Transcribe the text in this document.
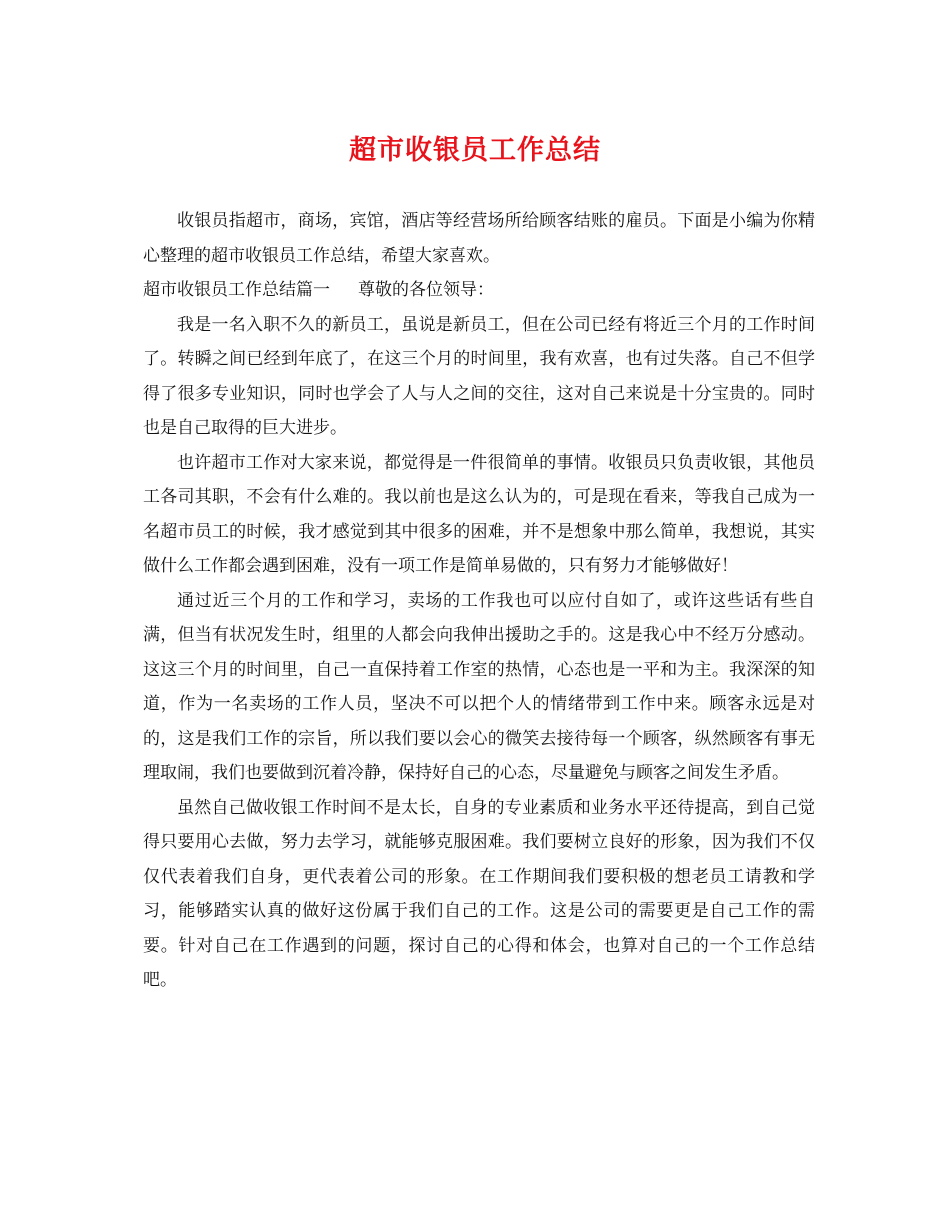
超市收银员工作总结

收银员指超市，商场，宾馆，酒店等经营场所给顾客结账的雇员。下面是小编为你精心整理的超市收银员工作总结，希望大家喜欢。

超市收银员工作总结篇一 尊敬的各位领导：

我是一名入职不久的新员工，虽说是新员工，但在公司已经有将近三个月的工作时间了。转瞬之间已经到年底了，在这三个月的时间里，我有欢喜，也有过失落。自己不但学得了很多专业知识，同时也学会了人与人之间的交往，这对自己来说是十分宝贵的。同时也是自己取得的巨大进步。

也许超市工作对大家来说，都觉得是一件很简单的事情。收银员只负责收银，其他员工各司其职，不会有什么难的。我以前也是这么认为的，可是现在看来，等我自己成为一名超市员工的时候，我才感觉到其中很多的困难，并不是想象中那么简单，我想说，其实做什么工作都会遇到困难，没有一项工作是简单易做的，只有努力才能够做好！

通过近三个月的工作和学习，卖场的工作我也可以应付自如了，或许这些话有些自满，但当有状况发生时，组里的人都会向我伸出援助之手的。这是我心中不经万分感动。这这三个月的时间里，自己一直保持着工作室的热情，心态也是一平和为主。我深深的知道，作为一名卖场的工作人员，坚决不可以把个人的情绪带到工作中来。顾客永远是对的，这是我们工作的宗旨，所以我们要以会心的微笑去接待每一个顾客，纵然顾客有事无理取闹，我们也要做到沉着冷静，保持好自己的心态，尽量避免与顾客之间发生矛盾。

虽然自己做收银工作时间不是太长，自身的专业素质和业务水平还待提高，到自己觉得只要用心去做，努力去学习，就能够克服困难。我们要树立良好的形象，因为我们不仅仅代表着我们自身，更代表着公司的形象。在工作期间我们要积极的想老员工请教和学习，能够踏实认真的做好这份属于我们自己的工作。这是公司的需要更是自己工作的需要。针对自己在工作遇到的问题，探讨自己的心得和体会，也算对自己的一个工作总结吧。
